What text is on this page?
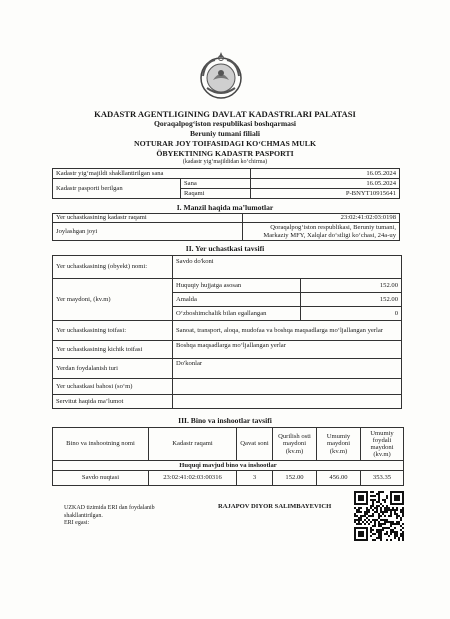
KADASTR AGENTLIGINING DAVLAT KADASTRLARI PALATASI
Qoraqalpog‘iston respublikasi boshqarmasi
Beruniy tumani filiali
NOTURAR JOY TOIFASIDAGI KO‘CHMAS MULK
ÖBYEKTINING KADASTR PASPORTI
(kadastr yig‘majildidan ko‘chirma)
Kadastr yig‘majildi shakllantirilgan sana		16.05.2024
Kadastr pasporti berilgan	Sana	16.05.2024
	Raqami	P-BNYT10915641
I. Manzil haqida ma’lumotlar
Yer uchastkasining kadastr raqami	23:02:41:02:03:0198
Joylashgan joyi	Qoraqalpog‘iston respublikasi, Beruniy tumani, Markaziy MFY, Xalqlar do‘stligi ko‘chasi, 24a-uy
II. Yer uchastkasi tavsifi
Yer uchastkasining (obyekt) nomi:	Savdo do'koni	
Yer maydoni, (kv.m)	Huquqiy hujjatga asosan	152.00
	Amalda	152.00
	O‘zboshimchalik bilan egallangan	0
Yer uchastkasining toifasi:	Sanoat, transport, aloqa, mudofaa va boshqa maqsadlarga mo‘ljallangan yerlar	
Yer uchastkasining kichik toifasi	Boshqa maqsadlarga mo‘ljallangan yerlar	
Yerdan foydalanish turi	Do'konlar	
Yer uchastkasi bahosi (so‘m)		
Servitut haqida ma’lumot		
III. Bino va inshootlar tavsifi
Bino va inshootning nomi	Kadastr raqami	Qavat soni	Qurilish osti maydoni (kv.m)	Umumiy maydoni (kv.m)	Umumiy foydali maydoni (kv.m)
Huquqi mavjud bino va inshootlar					
Savdo nuqtasi	23:02:41:02:03:00316	3	152.00	456.00	353.35
UZKAD tizimida ERI dan foydalanib
shakllantirilgan.
ERI egasi:
RAJAPOV DIYOR SALIMBAYEVICH
